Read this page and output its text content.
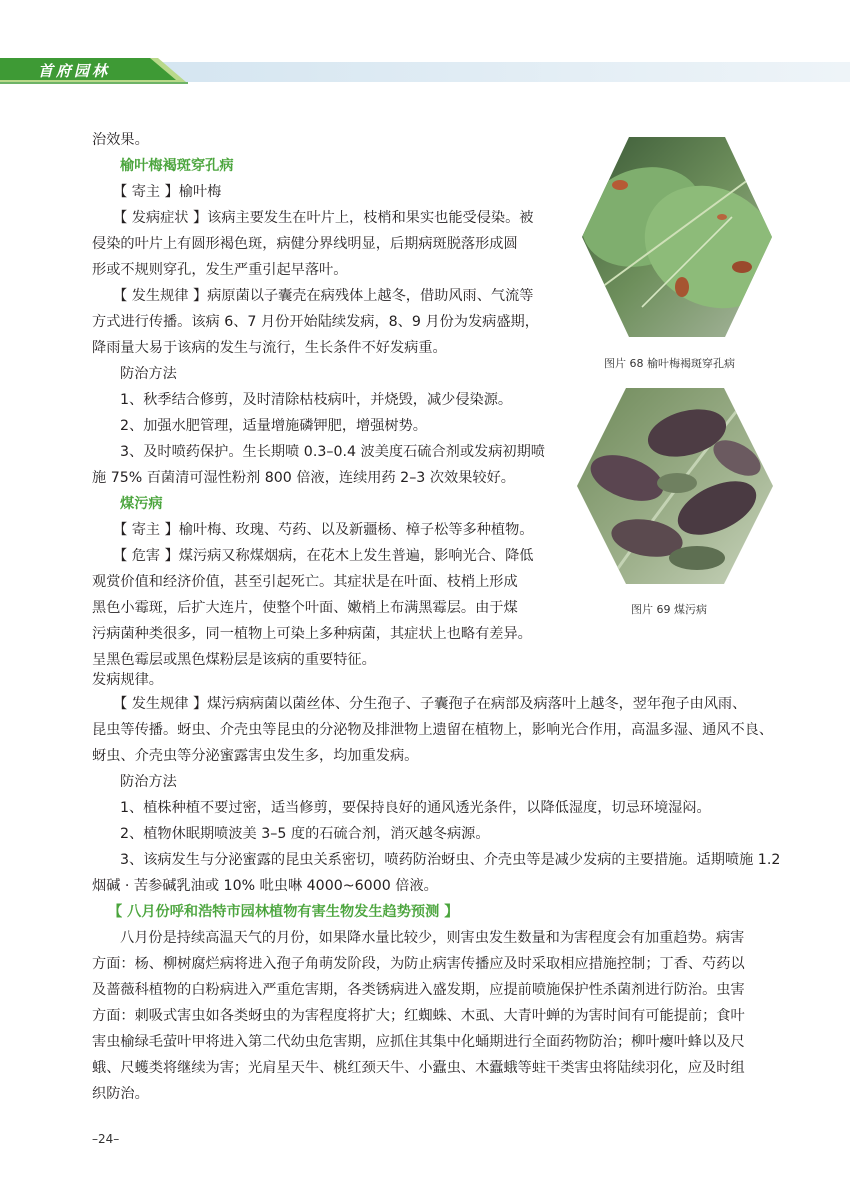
首府园林
治效果。
榆叶梅褐斑穿孔病
【 寄主 】榆叶梅
【 发病症状 】该病主要发生在叶片上，枝梢和果实也能受侵染。被
侵染的叶片上有圆形褐色斑，病健分界线明显，后期病斑脱落形成圆
形或不规则穿孔，发生严重引起早落叶。
【 发生规律 】病原菌以子囊壳在病残体上越冬，借助风雨、气流等
方式进行传播。该病 6、7 月份开始陆续发病，8、9 月份为发病盛期，
降雨量大易于该病的发生与流行，生长条件不好发病重。
防治方法
1、秋季结合修剪，及时清除枯枝病叶，并烧毁，减少侵染源。
2、加强水肥管理，适量增施磷钾肥，增强树势。
3、及时喷药保护。生长期喷 0.3–0.4 波美度石硫合剂或发病初期喷
施 75% 百菌清可湿性粉剂 800 倍液，连续用药 2–3 次效果较好。
煤污病
【 寄主 】榆叶梅、玫瑰、芍药、以及新疆杨、樟子松等多种植物。
【 危害 】煤污病又称煤烟病，在花木上发生普遍，影响光合、降低
观赏价值和经济价值，甚至引起死亡。其症状是在叶面、枝梢上形成
黑色小霉斑，后扩大连片，使整个叶面、嫩梢上布满黑霉层。由于煤
污病菌种类很多，同一植物上可染上多种病菌，其症状上也略有差异。
呈黑色霉层或黑色煤粉层是该病的重要特征。
发病规律。
【 发生规律 】煤污病病菌以菌丝体、分生孢子、子囊孢子在病部及病落叶上越冬，翌年孢子由风雨、
昆虫等传播。蚜虫、介壳虫等昆虫的分泌物及排泄物上遗留在植物上，影响光合作用，高温多湿、通风不良、
蚜虫、介壳虫等分泌蜜露害虫发生多，均加重发病。
防治方法
1、植株种植不要过密，适当修剪，要保持良好的通风透光条件，以降低湿度，切忌环境湿闷。
2、植物休眠期喷波美 3–5 度的石硫合剂，消灭越冬病源。
3、该病发生与分泌蜜露的昆虫关系密切，喷药防治蚜虫、介壳虫等是减少发病的主要措施。适期喷施 1.2
烟碱 · 苦参碱乳油或 10% 吡虫啉 4000~6000 倍液。
【 八月份呼和浩特市园林植物有害生物发生趋势预测 】
八月份是持续高温天气的月份，如果降水量比较少，则害虫发生数量和为害程度会有加重趋势。病害
方面：杨、柳树腐烂病将进入孢子角萌发阶段，为防止病害传播应及时采取相应措施控制；丁香、芍药以
及蔷薇科植物的白粉病进入严重危害期，各类锈病进入盛发期，应提前喷施保护性杀菌剂进行防治。虫害
方面：刺吸式害虫如各类蚜虫的为害程度将扩大；红蜘蛛、木虱、大青叶蝉的为害时间有可能提前；食叶
害虫榆绿毛萤叶甲将进入第二代幼虫危害期，应抓住其集中化蛹期进行全面药物防治；柳叶瘿叶蜂以及尺
蛾、尺蠖类将继续为害；光肩星天牛、桃红颈天牛、小蠹虫、木蠹蛾等蛀干类害虫将陆续羽化，应及时组
织防治。
图片 68 榆叶梅褐斑穿孔病
图片 69 煤污病
–24–
